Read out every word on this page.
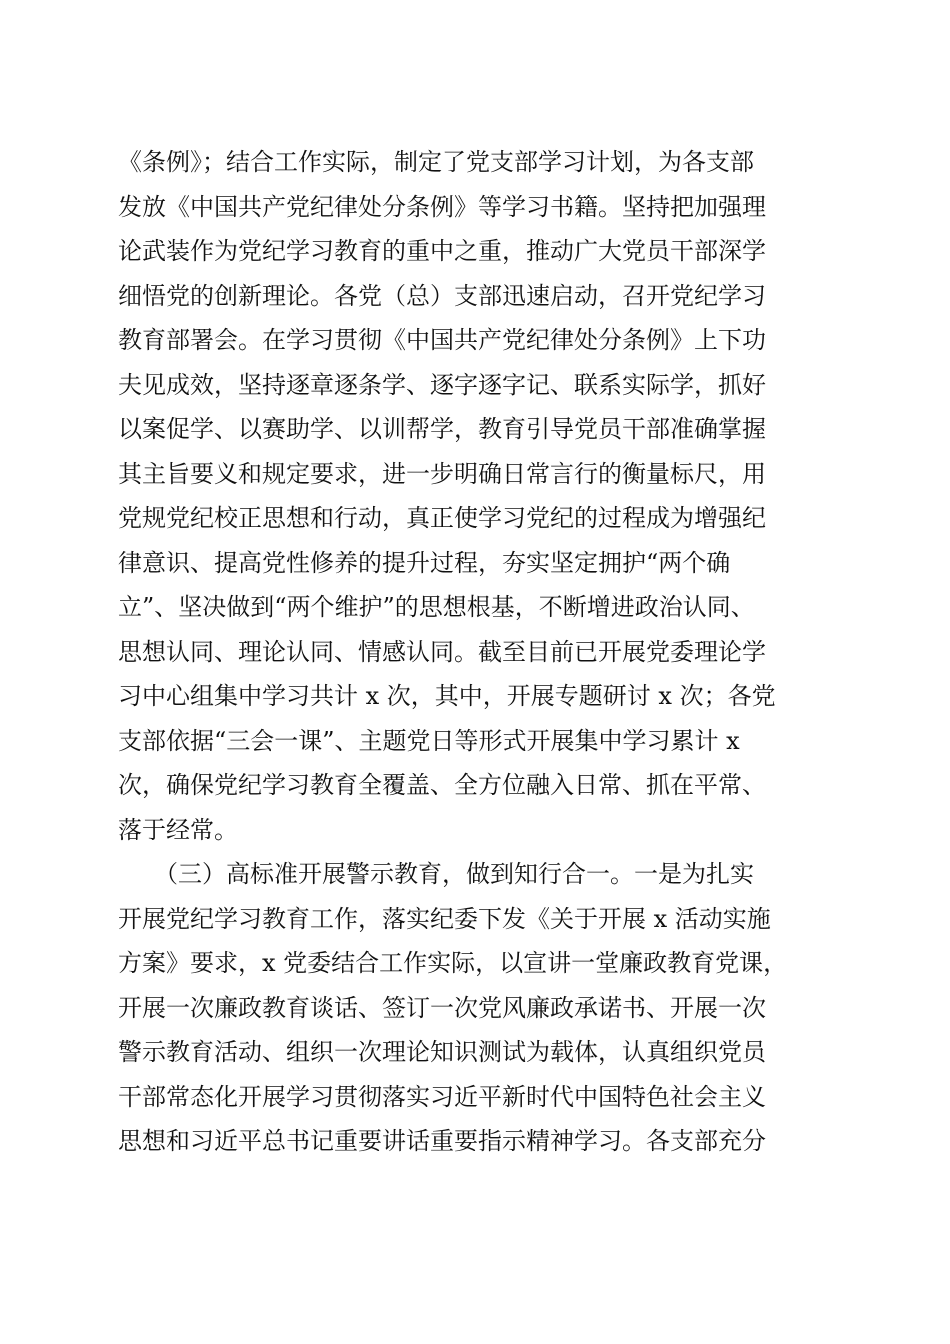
《条例》；结合工作实际，制定了党支部学习计划，为各支部
发放《中国共产党纪律处分条例》等学习书籍。坚持把加强理
论武装作为党纪学习教育的重中之重，推动广大党员干部深学
细悟党的创新理论。各党（总）支部迅速启动，召开党纪学习
教育部署会。在学习贯彻《中国共产党纪律处分条例》上下功
夫见成效，坚持逐章逐条学、逐字逐字记、联系实际学，抓好
以案促学、以赛助学、以训帮学，教育引导党员干部准确掌握
其主旨要义和规定要求，进一步明确日常言行的衡量标尺，用
党规党纪校正思想和行动，真正使学习党纪的过程成为增强纪
律意识、提高党性修养的提升过程，夯实坚定拥护“两个确
立”、坚决做到“两个维护”的思想根基，不断增进政治认同、
思想认同、理论认同、情感认同。截至目前已开展党委理论学
习中心组集中学习共计 x 次，其中，开展专题研讨 x 次；各党
支部依据“三会一课”、主题党日等形式开展集中学习累计 x
次，确保党纪学习教育全覆盖、全方位融入日常、抓在平常、
落于经常。
　　（三）高标准开展警示教育，做到知行合一。一是为扎实
开展党纪学习教育工作，落实纪委下发《关于开展 x 活动实施
方案》要求，x 党委结合工作实际，以宣讲一堂廉政教育党课，
开展一次廉政教育谈话、签订一次党风廉政承诺书、开展一次
警示教育活动、组织一次理论知识测试为载体，认真组织党员
干部常态化开展学习贯彻落实习近平新时代中国特色社会主义
思想和习近平总书记重要讲话重要指示精神学习。各支部充分
